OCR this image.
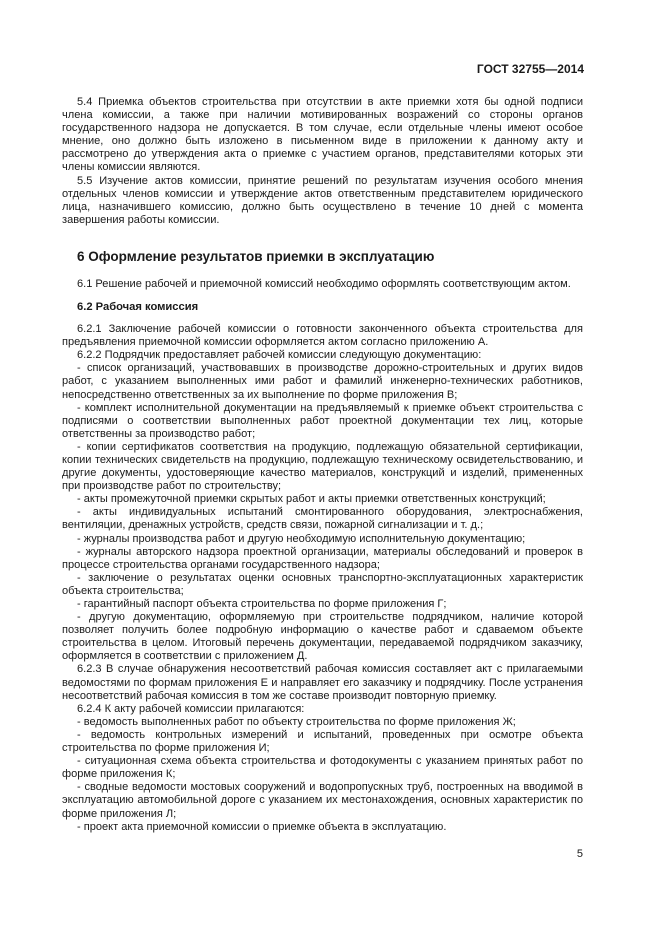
ГОСТ 32755—2014

5.4 Приемка объектов строительства при отсутствии в акте приемки хотя бы одной подписи члена комиссии, а также при наличии мотивированных возражений со стороны органов государственного надзора не допускается. В том случае, если отдельные члены имеют особое мнение, оно должно быть изложено в письменном виде в приложении к данному акту и рассмотрено до утверждения акта о приемке с участием органов, представителями которых эти члены комиссии являются.

5.5 Изучение актов комиссии, принятие решений по результатам изучения особого мнения отдельных членов комиссии и утверждение актов ответственным представителем юридического лица, назначившего комиссию, должно быть осуществлено в течение 10 дней с момента завершения работы комиссии.

6 Оформление результатов приемки в эксплуатацию

6.1 Решение рабочей и приемочной комиссий необходимо оформлять соответствующим актом.

6.2 Рабочая комиссия

6.2.1 Заключение рабочей комиссии о готовности законченного объекта строительства для предъявления приемочной комиссии оформляется актом согласно приложению А.

6.2.2 Подрядчик предоставляет рабочей комиссии следующую документацию:

- список организаций, участвовавших в производстве дорожно-строительных и других видов работ, с указанием выполненных ими работ и фамилий инженерно-технических работников, непосредственно ответственных за их выполнение по форме приложения В;

- комплект исполнительной документации на предъявляемый к приемке объект строительства с подписями о соответствии выполненных работ проектной документации тех лиц, которые ответственны за производство работ;

- копии сертификатов соответствия на продукцию, подлежащую обязательной сертификации, копии технических свидетельств на продукцию, подлежащую техническому освидетельствованию, и другие документы, удостоверяющие качество материалов, конструкций и изделий, примененных при производстве работ по строительству;

- акты промежуточной приемки скрытых работ и акты приемки ответственных конструкций;

- акты индивидуальных испытаний смонтированного оборудования, электроснабжения, вентиляции, дренажных устройств, средств связи, пожарной сигнализации и т. д.;

- журналы производства работ и другую необходимую исполнительную документацию;

- журналы авторского надзора проектной организации, материалы обследований и проверок в процессе строительства органами государственного надзора;

- заключение о результатах оценки основных транспортно-эксплуатационных характеристик объекта строительства;

- гарантийный паспорт объекта строительства по форме приложения Г;

- другую документацию, оформляемую при строительстве подрядчиком, наличие которой позволяет получить более подробную информацию о качестве работ и сдаваемом объекте строительства в целом. Итоговый перечень документации, передаваемой подрядчиком заказчику, оформляется в соответствии с приложением Д.

6.2.3 В случае обнаружения несоответствий рабочая комиссия составляет акт с прилагаемыми ведомостями по формам приложения Е и направляет его заказчику и подрядчику. После устранения несоответствий рабочая комиссия в том же составе производит повторную приемку.

6.2.4 К акту рабочей комиссии прилагаются:

- ведомость выполненных работ по объекту строительства по форме приложения Ж;

- ведомость контрольных измерений и испытаний, проведенных при осмотре объекта строительства по форме приложения И;

- ситуационная схема объекта строительства и фотодокументы с указанием принятых работ по форме приложения К;

- сводные ведомости мостовых сооружений и водопропускных труб, построенных на вводимой в эксплуатацию автомобильной дороге с указанием их местонахождения, основных характеристик по форме приложения Л;

- проект акта приемочной комиссии о приемке объекта в эксплуатацию.

5
